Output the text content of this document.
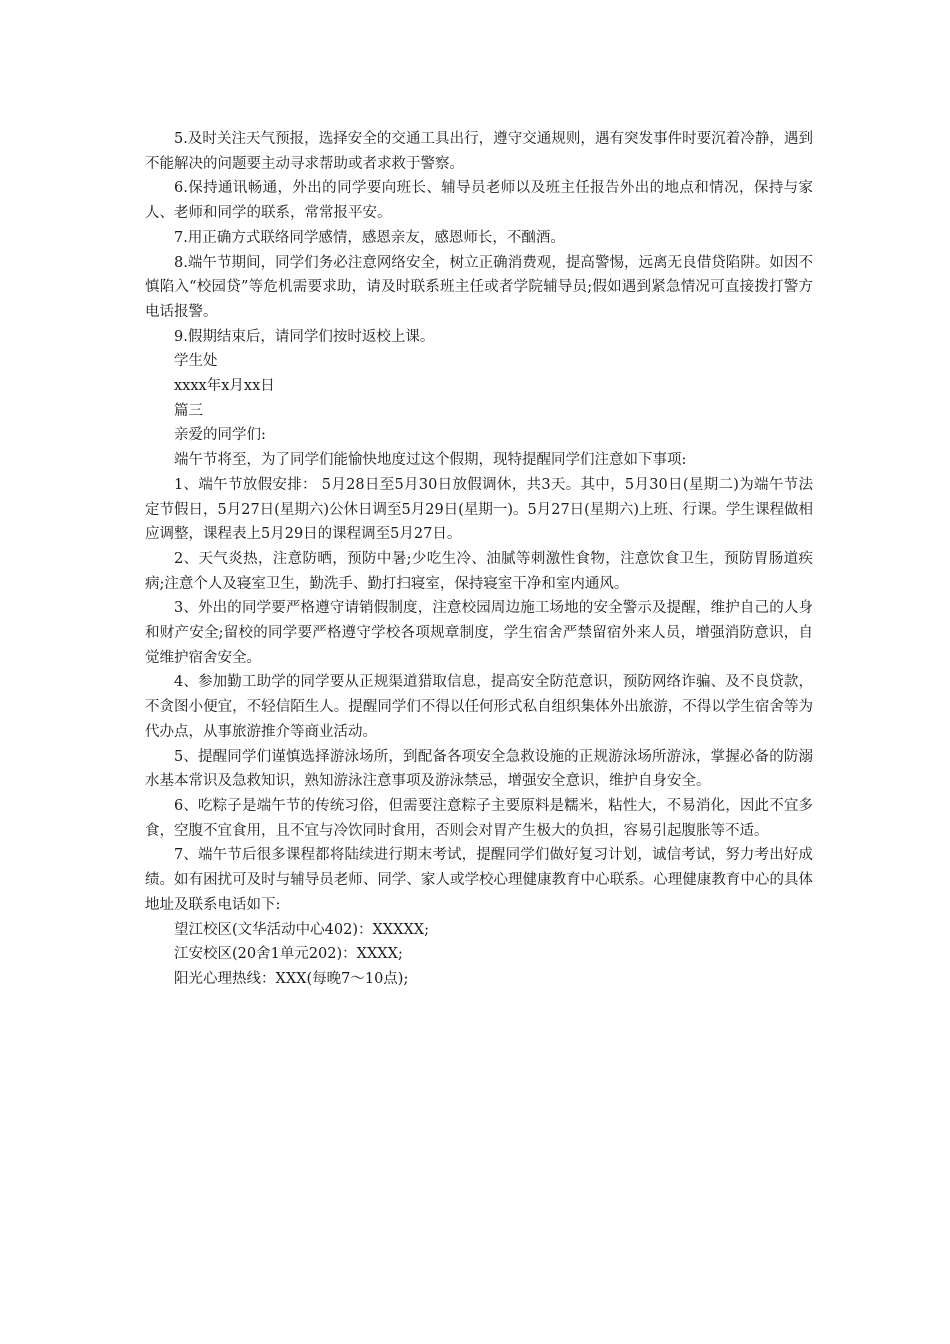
5.及时关注天气预报，选择安全的交通工具出行，遵守交通规则，遇有突发事件时要沉着冷静，遇到不能解决的问题要主动寻求帮助或者求救于警察。

6.保持通讯畅通，外出的同学要向班长、辅导员老师以及班主任报告外出的地点和情况，保持与家人、老师和同学的联系，常常报平安。

7.用正确方式联络同学感情，感恩亲友，感恩师长，不酗酒。

8.端午节期间，同学们务必注意网络安全，树立正确消费观，提高警惕，远离无良借贷陷阱。如因不慎陷入“校园贷”等危机需要求助，请及时联系班主任或者学院辅导员;假如遇到紧急情况可直接拨打警方电话报警。

9.假期结束后，请同学们按时返校上课。

学生处

xxxx年x月xx日

篇三

亲爱的同学们:

端午节将至，为了同学们能愉快地度过这个假期，现特提醒同学们注意如下事项:

1、端午节放假安排： 5月28日至5月30日放假调休，共3天。其中，5月30日(星期二)为端午节法定节假日，5月27日(星期六)公休日调至5月29日(星期一)。5月27日(星期六)上班、行课。学生课程做相应调整，课程表上5月29日的课程调至5月27日。

2、天气炎热，注意防晒，预防中暑;少吃生冷、油腻等刺激性食物，注意饮食卫生，预防胃肠道疾病;注意个人及寝室卫生，勤洗手、勤打扫寝室，保持寝室干净和室内通风。

3、外出的同学要严格遵守请销假制度，注意校园周边施工场地的安全警示及提醒，维护自己的人身和财产安全;留校的同学要严格遵守学校各项规章制度，学生宿舍严禁留宿外来人员，增强消防意识，自觉维护宿舍安全。

4、参加勤工助学的同学要从正规渠道猎取信息，提高安全防范意识，预防网络诈骗、及不良贷款，不贪图小便宜，不轻信陌生人。提醒同学们不得以任何形式私自组织集体外出旅游，不得以学生宿舍等为代办点，从事旅游推介等商业活动。

5、提醒同学们谨慎选择游泳场所，到配备各项安全急救设施的正规游泳场所游泳，掌握必备的防溺水基本常识及急救知识，熟知游泳注意事项及游泳禁忌，增强安全意识，维护自身安全。

6、吃粽子是端午节的传统习俗，但需要注意粽子主要原料是糯米，粘性大，不易消化，因此不宜多食，空腹不宜食用，且不宜与冷饮同时食用，否则会对胃产生极大的负担，容易引起腹胀等不适。

7、端午节后很多课程都将陆续进行期末考试，提醒同学们做好复习计划，诚信考试，努力考出好成绩。如有困扰可及时与辅导员老师、同学、家人或学校心理健康教育中心联系。心理健康教育中心的具体地址及联系电话如下:

望江校区(文华活动中心402)：XXXXX;

江安校区(20舍1单元202)：XXXX;

阳光心理热线：XXX(每晚7～10点);
